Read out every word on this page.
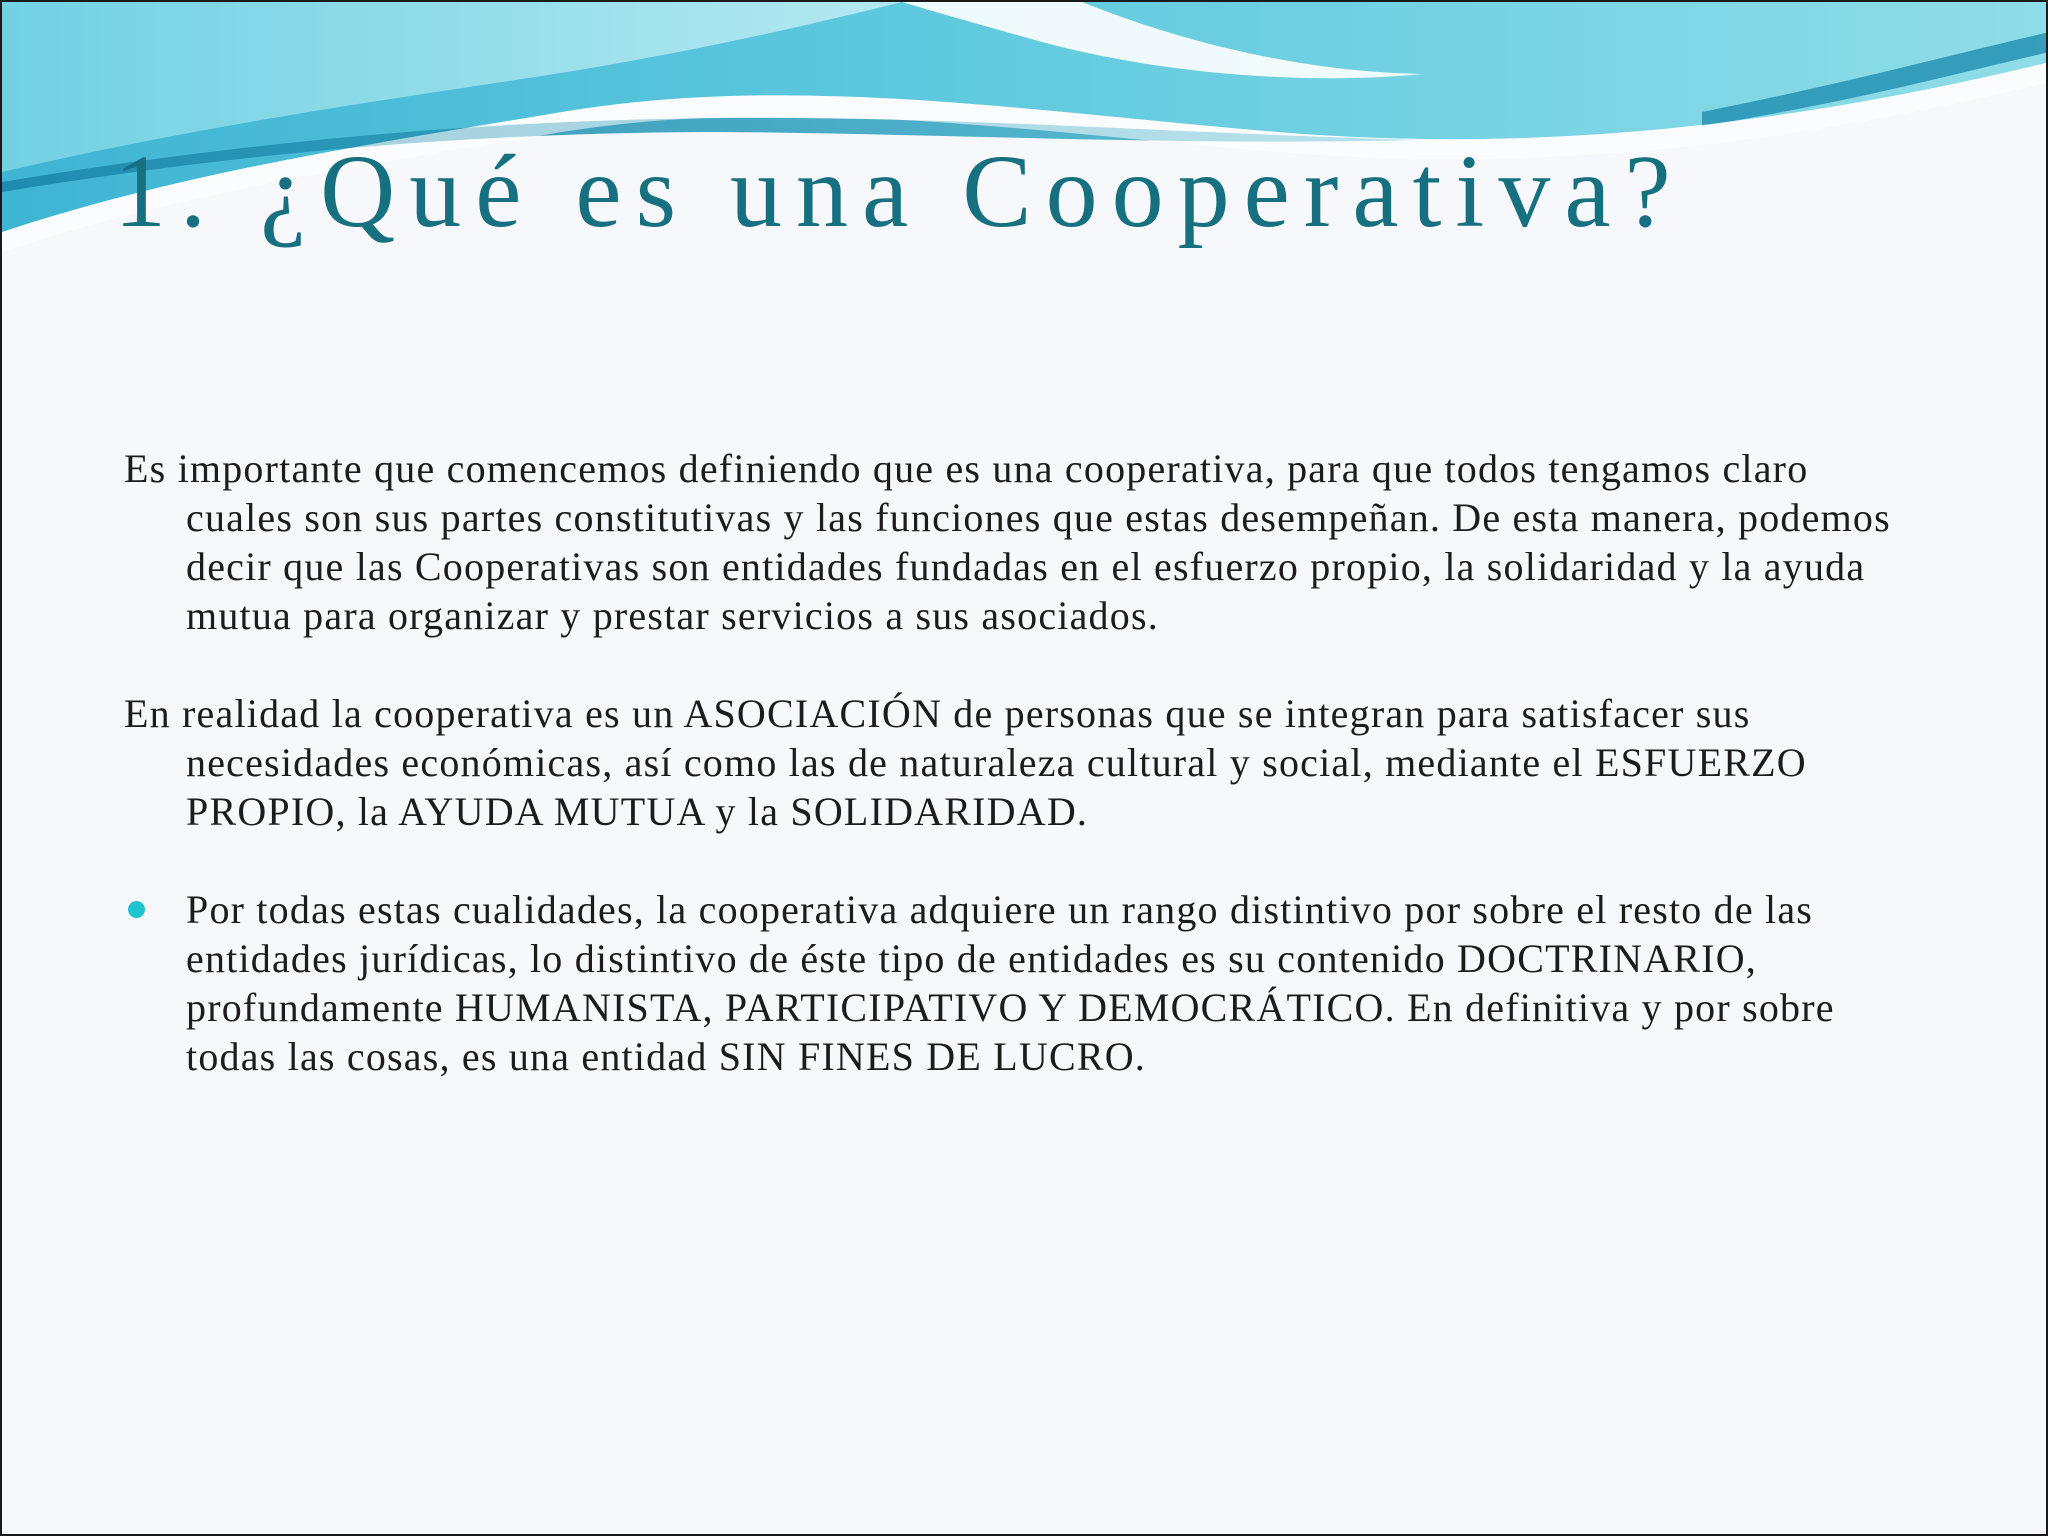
1. ¿Qué es una Cooperativa?

Es importante que comencemos definiendo que es una cooperativa, para que todos tengamos claro cuales son sus partes constitutivas y las funciones que estas desempeñan. De esta manera, podemos decir que las Cooperativas son entidades fundadas en el esfuerzo propio, la solidaridad y la ayuda mutua para organizar y prestar servicios a sus asociados.

En realidad la cooperativa es un ASOCIACIÓN de personas que se integran para satisfacer sus necesidades económicas, así como las de naturaleza cultural y social, mediante el ESFUERZO PROPIO, la AYUDA MUTUA y la SOLIDARIDAD.

Por todas estas cualidades, la cooperativa adquiere un rango distintivo por sobre el resto de las entidades jurídicas, lo distintivo de éste tipo de entidades es su contenido DOCTRINARIO, profundamente HUMANISTA, PARTICIPATIVO Y DEMOCRÁTICO. En definitiva y por sobre todas las cosas, es una entidad SIN FINES DE LUCRO.
